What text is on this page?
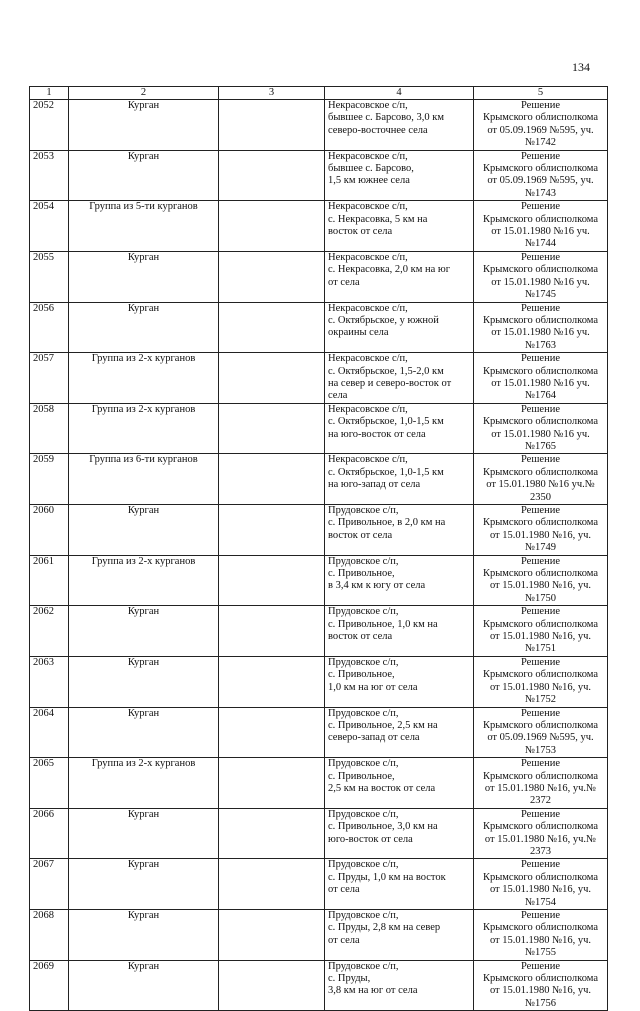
134
1	2	3	4	5
2052	Курган		Некрасовское с/п,
бывшее с. Барсово, 3,0 км
северо-восточнее села	Решение
Крымского облисполкома
от 05.09.1969 №595, уч.№1742
2053	Курган		Некрасовское с/п,
бывшее с. Барсово,
1,5 км южнее села	Решение
Крымского облисполкома
от 05.09.1969 №595, уч.№1743
2054	Группа из 5-ти курганов		Некрасовское с/п,
с. Некрасовка, 5 км на
восток от села	Решение
Крымского облисполкома
от 15.01.1980 №16 уч.№1744
2055	Курган		Некрасовское с/п,
с. Некрасовка, 2,0 км на юг
от села	Решение
Крымского облисполкома
от 15.01.1980 №16 уч.№1745
2056	Курган		Некрасовское с/п,
с. Октябрьское, у южной
окраины села	Решение
Крымского облисполкома
от 15.01.1980 №16 уч.№1763
2057	Группа из 2-х курганов		Некрасовское с/п,
с. Октябрьское, 1,5-2,0 км
на север и северо-восток от
села	Решение
Крымского облисполкома
от 15.01.1980 №16 уч.№1764
2058	Группа из 2-х курганов		Некрасовское с/п,
с. Октябрьское, 1,0-1,5 км
на юго-восток от села	Решение
Крымского облисполкома
от 15.01.1980 №16 уч.№1765
2059	Группа из 6-ти курганов		Некрасовское с/п,
с. Октябрьское, 1,0-1,5 км
на юго-запад от села	Решение
Крымского облисполкома
от 15.01.1980 №16 уч.№ 2350
2060	Курган		Прудовское с/п,
с. Привольное, в 2,0 км на
восток от села	Решение
Крымского облисполкома
от 15.01.1980 №16, уч.№1749
2061	Группа из 2-х курганов		Прудовское с/п,
с. Привольное,
в 3,4 км к югу от села	Решение
Крымского облисполкома
от 15.01.1980 №16, уч.№1750
2062	Курган		Прудовское с/п,
с. Привольное, 1,0 км на
восток от села	Решение
Крымского облисполкома
от 15.01.1980 №16, уч.№1751
2063	Курган		Прудовское с/п,
с. Привольное,
1,0 км на юг от села	Решение
Крымского облисполкома
от 15.01.1980 №16, уч.№1752
2064	Курган		Прудовское с/п,
с. Привольное, 2,5 км на
северо-запад от села	Решение
Крымского облисполкома
от 05.09.1969 №595, уч.№1753
2065	Группа из 2-х курганов		Прудовское с/п,
с. Привольное,
2,5 км на восток от села	Решение
Крымского облисполкома
от 15.01.1980 №16, уч.№ 2372
2066	Курган		Прудовское с/п,
с. Привольное, 3,0 км на
юго-восток от села	Решение
Крымского облисполкома
от 15.01.1980 №16, уч.№ 2373
2067	Курган		Прудовское с/п,
с. Пруды, 1,0 км на восток
от села	Решение
Крымского облисполкома
от 15.01.1980 №16, уч.№1754
2068	Курган		Прудовское с/п,
с. Пруды, 2,8 км на север
от села	Решение
Крымского облисполкома
от 15.01.1980 №16, уч.№1755
2069	Курган		Прудовское с/п,
с. Пруды,
3,8 км на юг от села	Решение
Крымского облисполкома
от 15.01.1980 №16, уч.№1756
